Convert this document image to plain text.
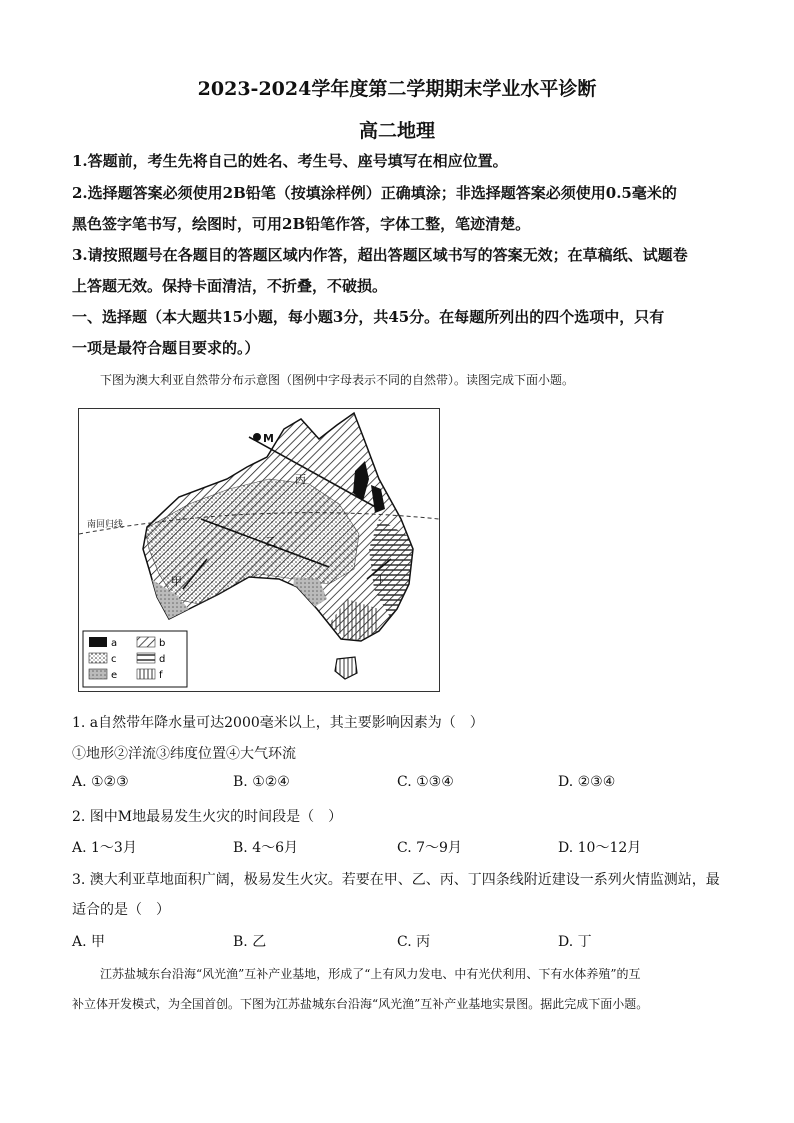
2023-2024学年度第二学期期末学业水平诊断
高二地理
1.答题前，考生先将自己的姓名、考生号、座号填写在相应位置。
2.选择题答案必须使用2B铅笔（按填涂样例）正确填涂；非选择题答案必须使用0.5毫米的
黑色签字笔书写，绘图时，可用2B铅笔作答，字体工整，笔迹清楚。
3.请按照题号在各题目的答题区域内作答，超出答题区域书写的答案无效；在草稿纸、试题卷
上答题无效。保持卡面清洁，不折叠，不破损。
一、选择题（本大题共15小题，每小题3分，共45分。在每题所列出的四个选项中，只有
一项是最符合题目要求的。）
下图为澳大利亚自然带分布示意图（图例中字母表示不同的自然带）。读图完成下面小题。
南回归线
甲
乙
丙
丁
M
a	b
c	d
e	f
1. a自然带年降水量可达2000毫米以上，其主要影响因素为（　）
①地形②洋流③纬度位置④大气环流
A. ①②③	B. ①②④	C. ①③④	D. ②③④
2. 图中M地最易发生火灾的时间段是（　）
A. 1～3月	B. 4～6月	C. 7～9月	D. 10～12月
3. 澳大利亚草地面积广阔，极易发生火灾。若要在甲、乙、丙、丁四条线附近建设一系列火情监测站，最
适合的是（　）
A. 甲	B. 乙	C. 丙	D. 丁
江苏盐城东台沿海“风光渔”互补产业基地，形成了“上有风力发电、中有光伏利用、下有水体养殖”的互
补立体开发模式，为全国首创。下图为江苏盐城东台沿海“风光渔”互补产业基地实景图。据此完成下面小题。
